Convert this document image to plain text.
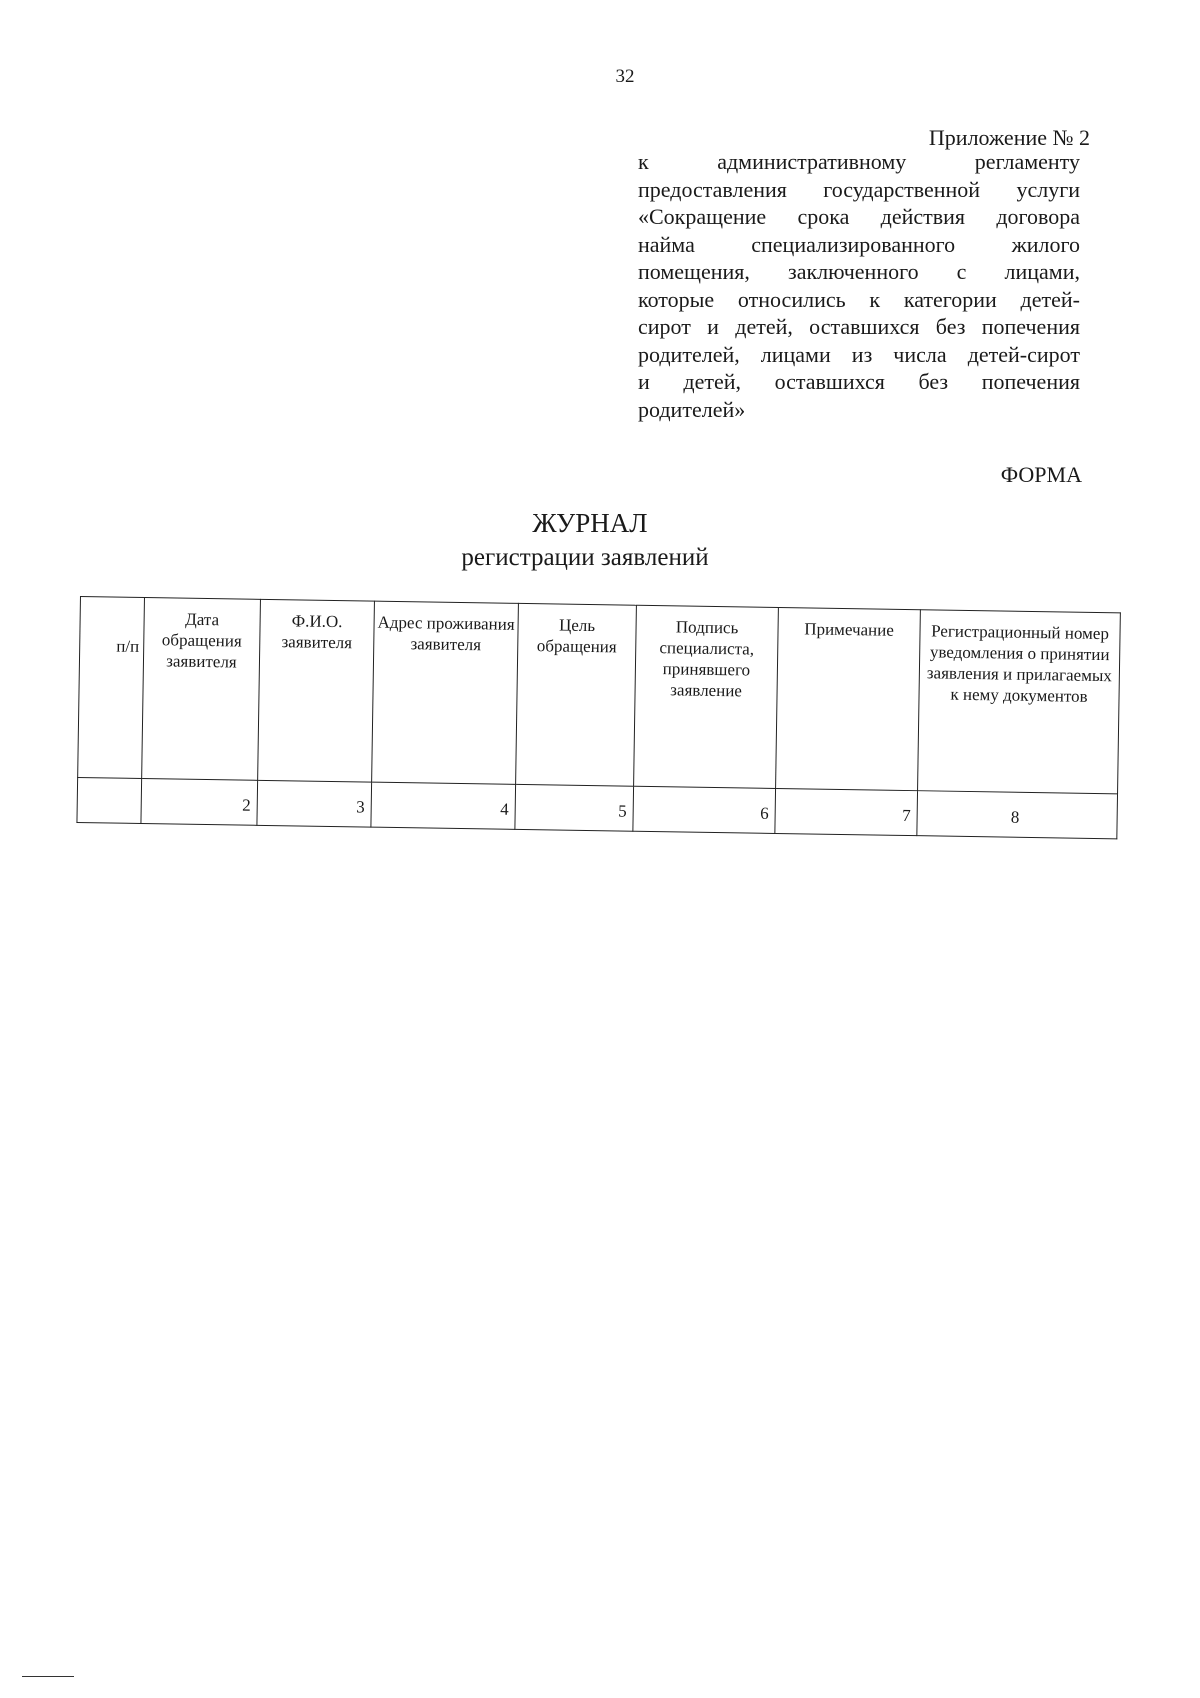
32
Приложение № 2
к административному регламенту
предоставления государственной услуги
«Сокращение срока действия договора
найма специализированного жилого
помещения, заключенного с лицами,
которые относились к категории детей-
сирот и детей, оставшихся без попечения
родителей, лицами из числа детей-сирот
и детей, оставшихся без попечения
родителей»
ФОРМА
ЖУРНАЛ
регистрации заявлений
п/п	Дата обращения заявителя	Ф.И.О. заявителя	Адрес проживания заявителя	Цель обращения	Подпись специалиста, принявшего заявление	Примечание	Регистрационный номер уведомления о принятии заявления и прилагаемых к нему документов
	2	3	4	5	6	7	8
